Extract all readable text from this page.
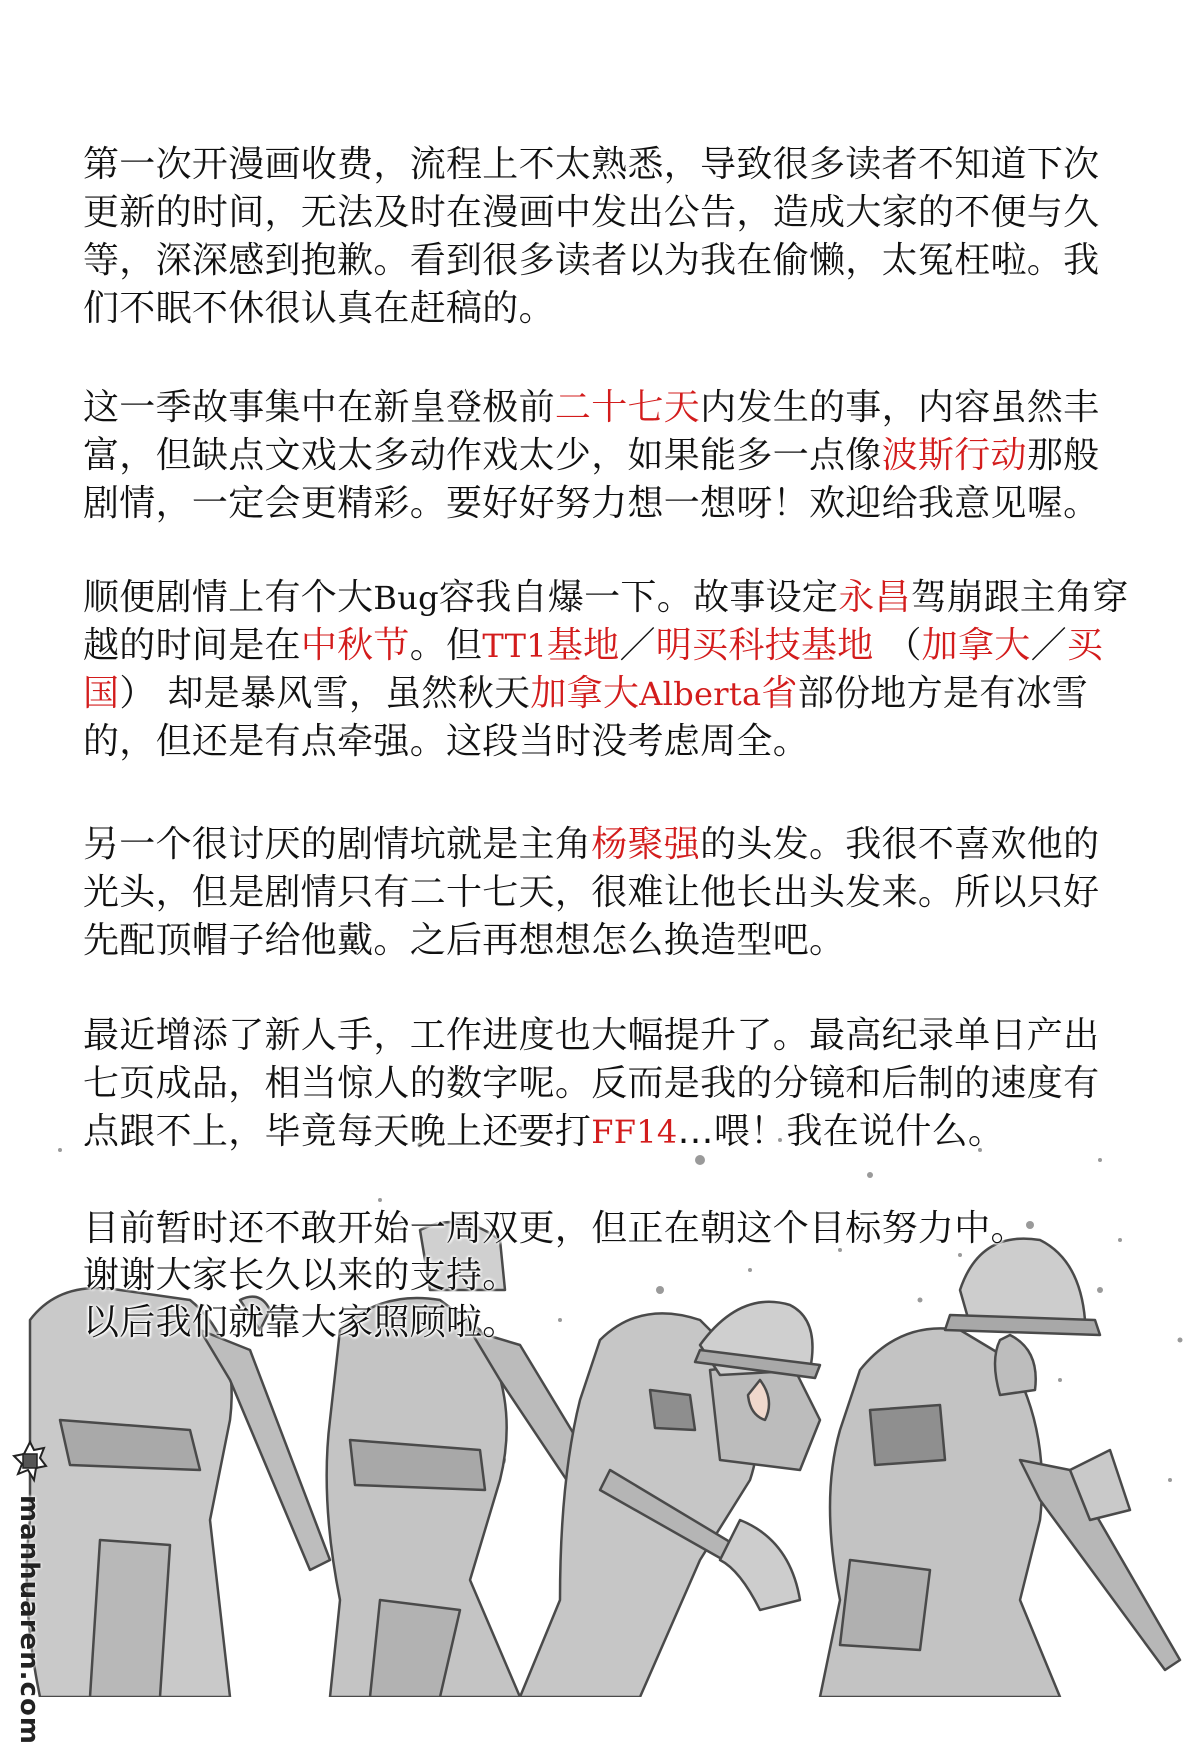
第一次开漫画收费，流程上不太熟悉，导致很多读者不知道下次
更新的时间，无法及时在漫画中发出公告，造成大家的不便与久
等，深深感到抱歉。看到很多读者以为我在偷懒，太冤枉啦。我
们不眠不休很认真在赶稿的。
这一季故事集中在新皇登极前二十七天内发生的事，内容虽然丰
富，但缺点文戏太多动作戏太少，如果能多一点像波斯行动那般
剧情，一定会更精彩。要好好努力想一想呀！欢迎给我意见喔。
顺便剧情上有个大Bug容我自爆一下。故事设定永昌驾崩跟主角穿
越的时间是在中秋节。但TT1基地／明买科技基地 （加拿大／买
国） 却是暴风雪，虽然秋天加拿大Alberta省部份地方是有冰雪
的，但还是有点牵强。这段当时没考虑周全。
另一个很讨厌的剧情坑就是主角杨聚强的头发。我很不喜欢他的
光头，但是剧情只有二十七天，很难让他长出头发来。所以只好
先配顶帽子给他戴。之后再想想怎么换造型吧。
最近增添了新人手，工作进度也大幅提升了。最高纪录单日产出
七页成品，相当惊人的数字呢。反而是我的分镜和后制的速度有
点跟不上，毕竟每天晚上还要打FF14…喂！我在说什么。
目前暂时还不敢开始一周双更，但正在朝这个目标努力中。
谢谢大家长久以来的支持。
以后我们就靠大家照顾啦。
manhuaren.com
